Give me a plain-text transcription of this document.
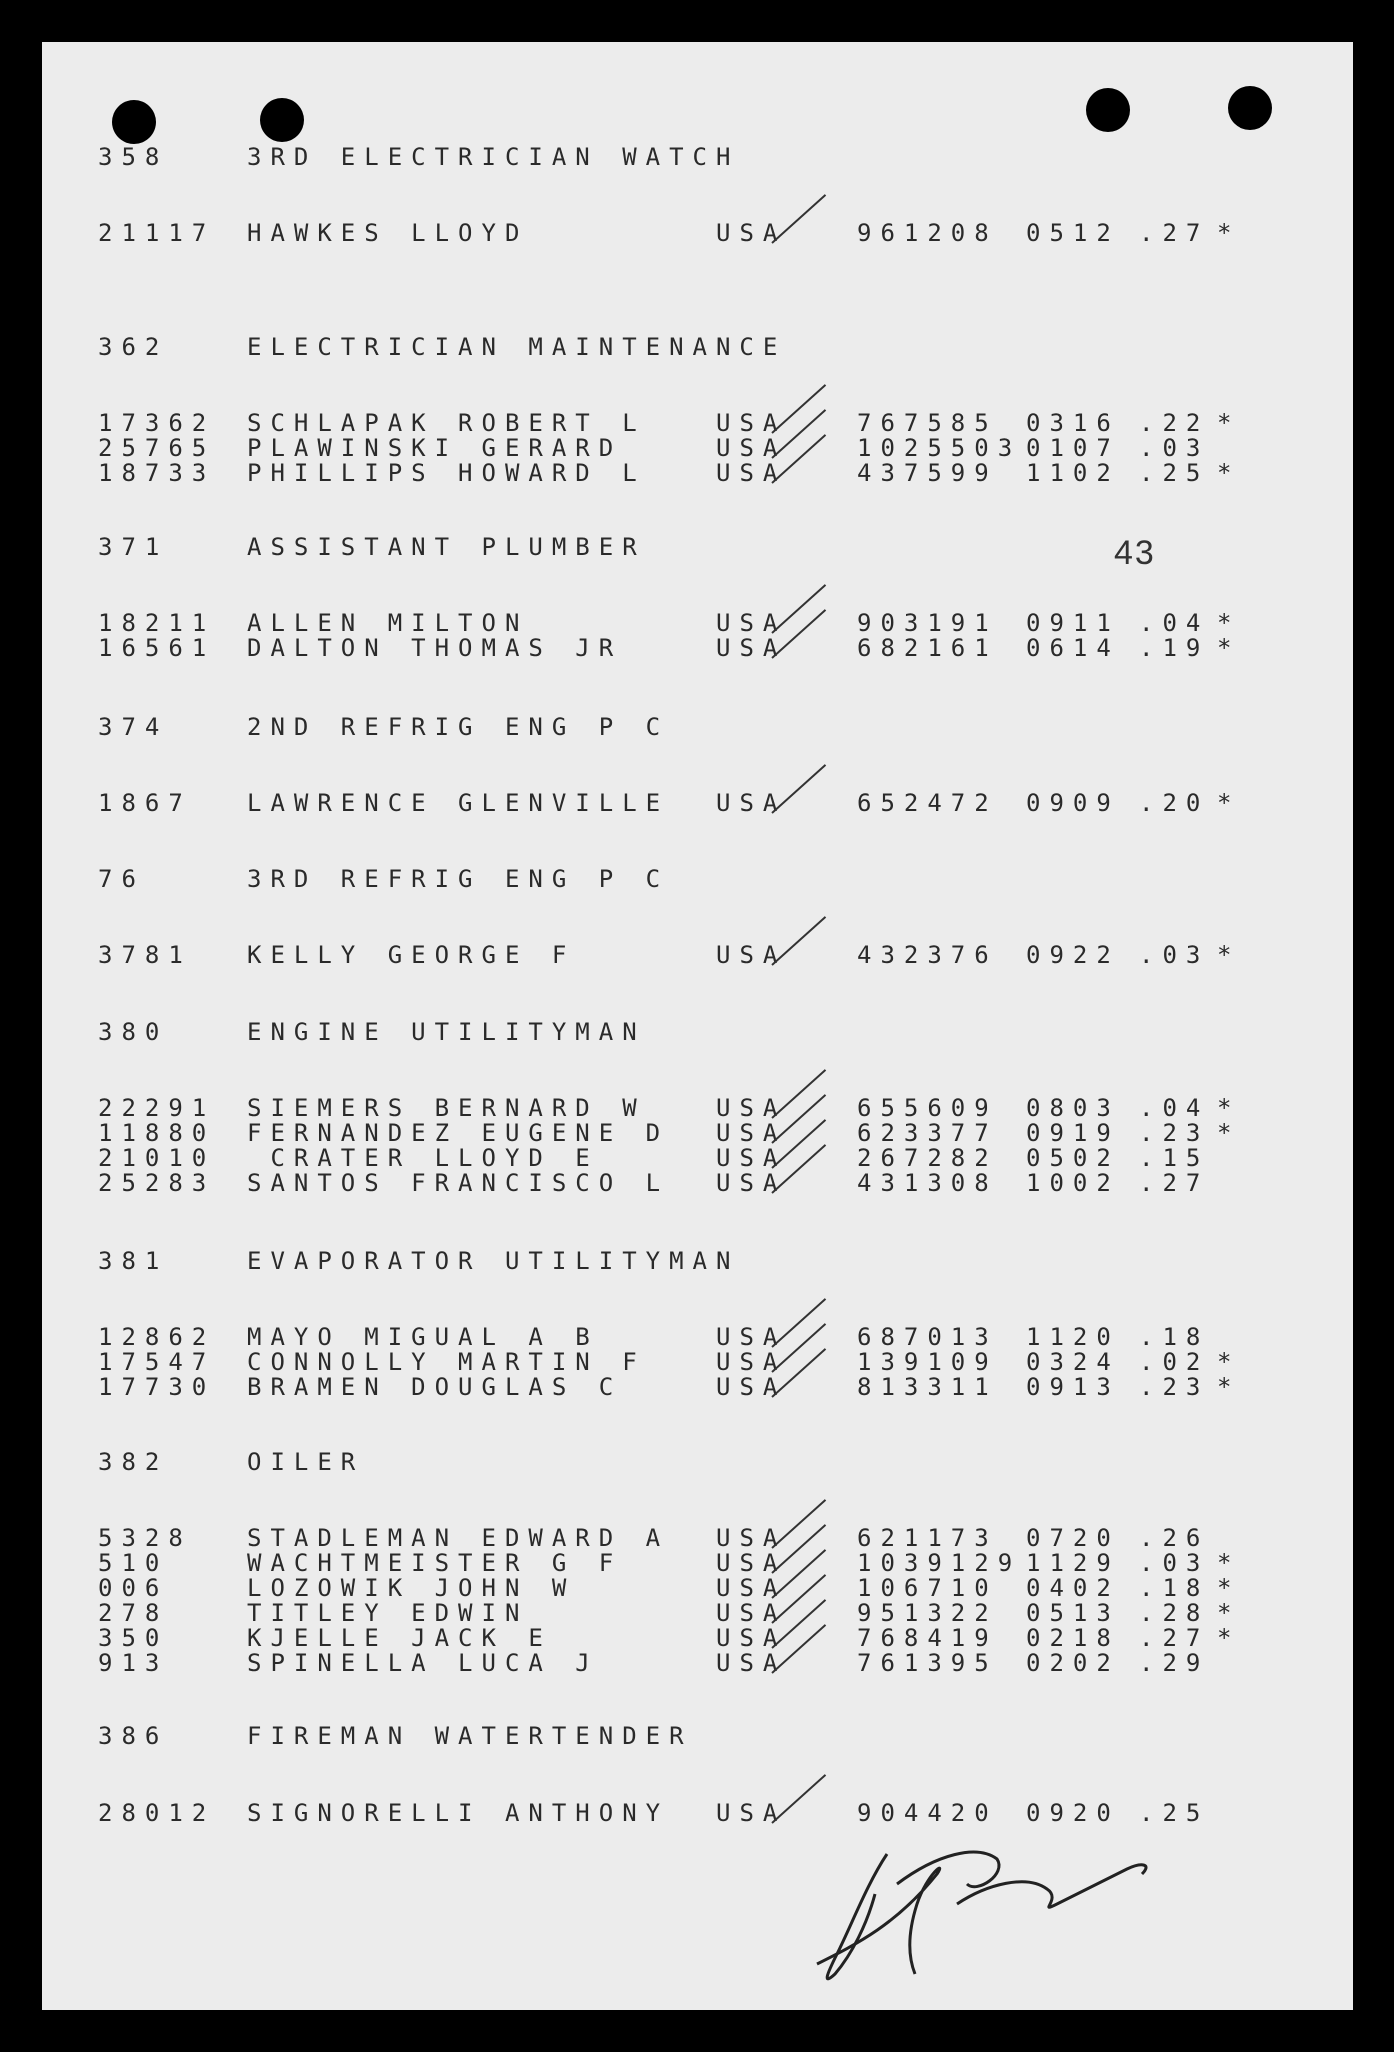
43
358	3RD ELECTRICIAN WATCH
21117 HAWKES LLOYD	USA	961208 0512 .27 *
362	ELECTRICIAN MAINTENANCE
17362 SCHLAPAK ROBERT L	USA	767585 0316 .22 *
25765 PLAWINSKI GERARD	USA	1025503 0107 .03
18733 PHILLIPS HOWARD L	USA	437599 1102 .25 *
371	ASSISTANT PLUMBER
18211 ALLEN MILTON	USA	903191 0911 .04 *
16561 DALTON THOMAS JR	USA	682161 0614 .19 *
374	2ND REFRIG ENG P C
1867 LAWRENCE GLENVILLE USA	652472 0909 .20 *
76	3RD REFRIG ENG P C
3781 KELLY GEORGE F	USA	432376 0922 .03 *
380	ENGINE UTILITYMAN
22291 SIEMERS BERNARD W	USA	655609 0803 .04 *
11880 FERNANDEZ EUGENE D USA	623377 0919 .23 *
21010 CRATER LLOYD E	USA	267282 0502 .15
25283 SANTOS FRANCISCO L USA	431308 1002 .27
381	EVAPORATOR UTILITYMAN
12862 MAYO MIGUAL A B	USA	687013 1120 .18
17547 CONNOLLY MARTIN F	USA	139109 0324 .02 *
17730 BRAMEN DOUGLAS C	USA	813311 0913 .23 *
382	OILER
5328 STADLEMAN EDWARD A USA	621173 0720 .26
510	WACHTMEISTER G F	USA	1039129 1129 .03 *
006	LOZOWIK JOHN W	USA	106710 0402 .18 *
278	TITLEY EDWIN	USA	951322 0513 .28 *
350	KJELLE JACK E	USA	768419 0218 .27 *
913	SPINELLA LUCA J	USA	761395 0202 .29
386	FIREMAN WATERTENDER
28012 SIGNORELLI ANTHONY USA	904420 0920 .25
